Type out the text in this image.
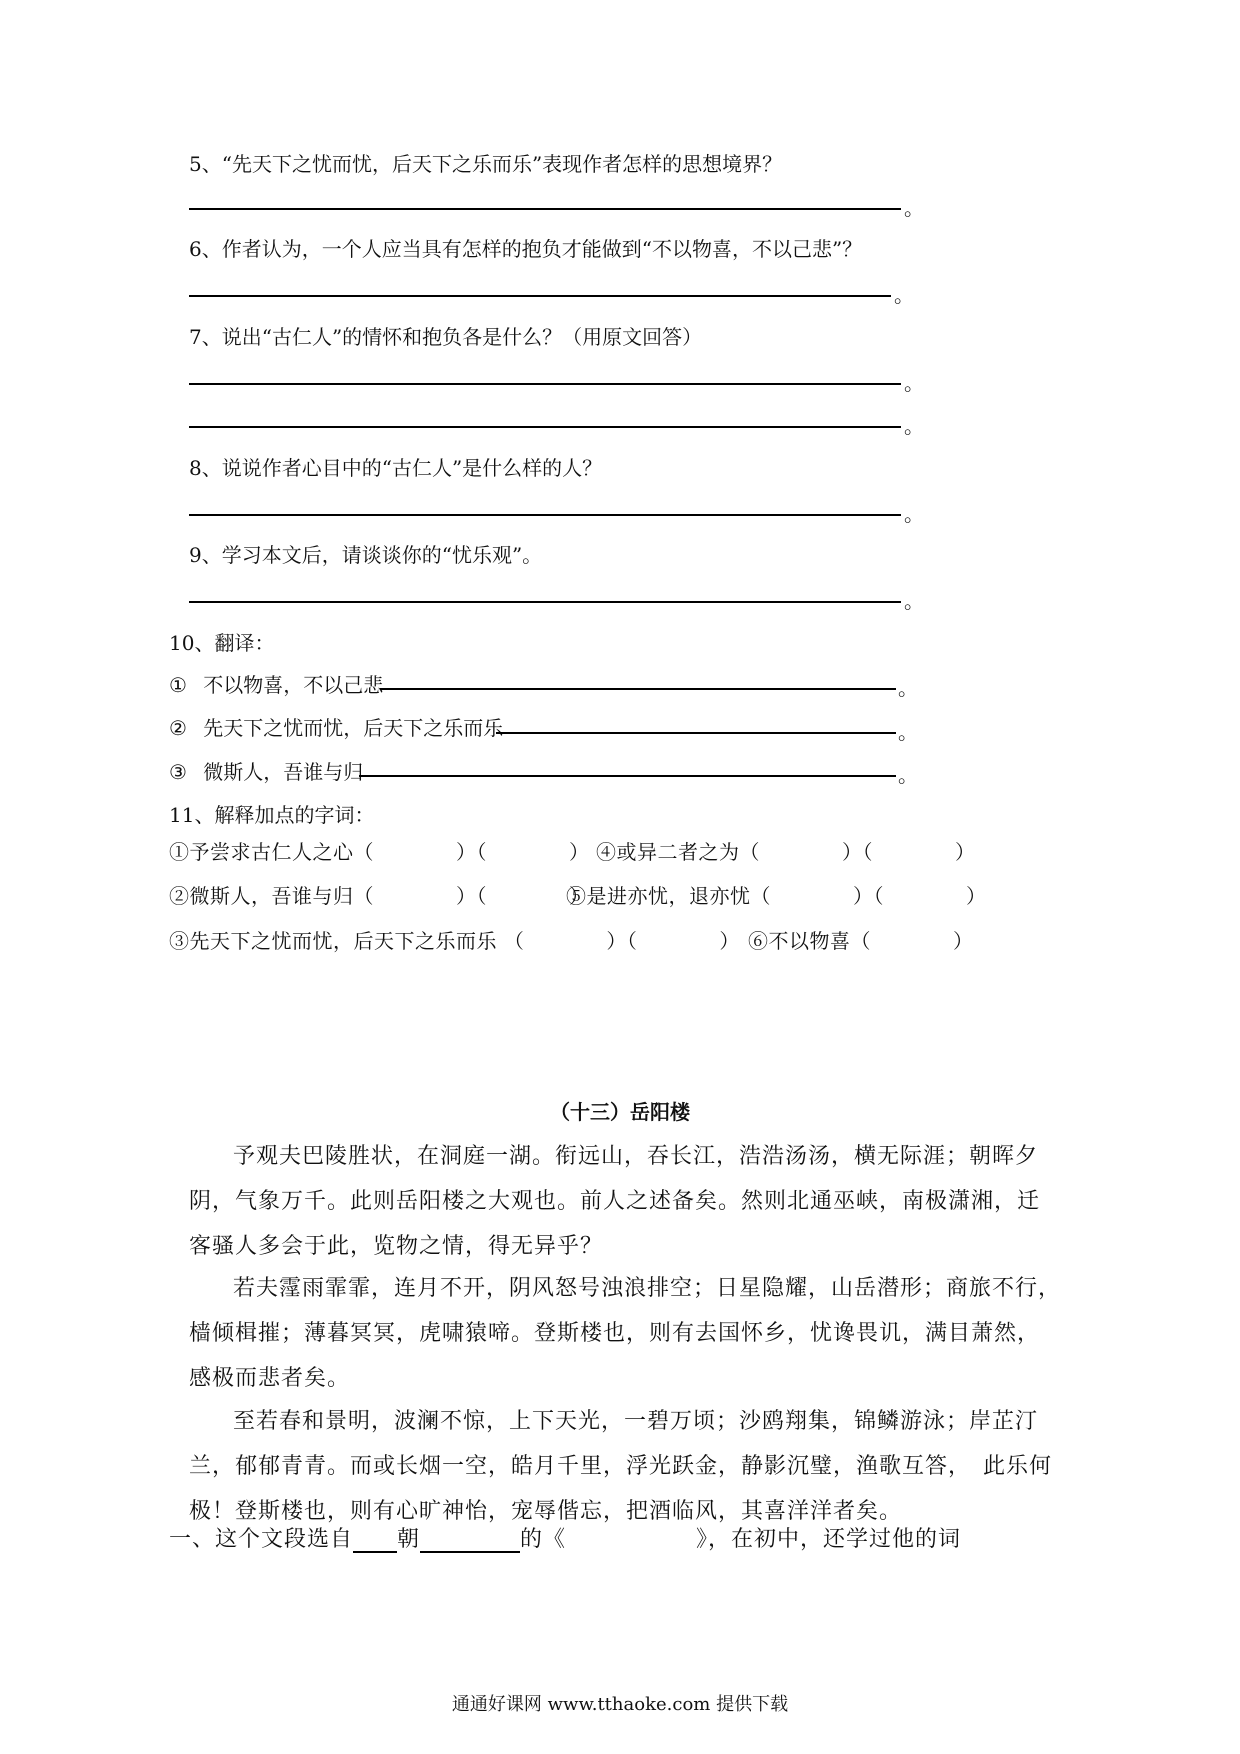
5、“先天下之忧而忧，后天下之乐而乐”表现作者怎样的思想境界？
。
6、作者认为，一个人应当具有怎样的抱负才能做到“不以物喜，不以己悲”？
。
7、说出“古仁人”的情怀和抱负各是什么？（用原文回答）
。
。
8、说说作者心目中的“古仁人”是什么样的人？
。
9、学习本文后，请谈谈你的“忧乐观”。
。
10、翻译：
① 不以物喜，不以己悲	。
② 先天下之忧而忧，后天下之乐而乐	。
③ 微斯人，吾谁与归	。
11、解释加点的字词：
①予尝求古仁人之心（　　　　）（　　　　） ④或异二者之为（　　　　）（　　　　）
②微斯人，吾谁与归（　　　　）（　　　　）
⑤是进亦忧，退亦忧（　　　　）（　　　　）
③先天下之忧而忧，后天下之乐而乐 （　　　　）（　　　　） ⑥不以物喜（　　　　）
（十三）岳阳楼
予观夫巴陵胜状，在洞庭一湖。衔远山，吞长江，浩浩汤汤，横无际涯；朝晖夕阴，气象万千。此则岳阳楼之大观也。前人之述备矣。然则北通巫峡，南极潇湘，迁客骚人多会于此，览物之情，得无异乎？
若夫霪雨霏霏，连月不开，阴风怒号浊浪排空；日星隐耀，山岳潜形；商旅不行，樯倾楫摧；薄暮冥冥，虎啸猿啼。登斯楼也，则有去国怀乡，忧谗畏讥，满目萧然，感极而悲者矣。
至若春和景明，波澜不惊，上下天光，一碧万顷；沙鸥翔集，锦鳞游泳；岸芷汀兰，郁郁青青。而或长烟一空，皓月千里，浮光跃金，静影沉璧，渔歌互答，　此乐何极！登斯楼也，则有心旷神怡，宠辱偕忘，把酒临风，其喜洋洋者矣。
一、这个文段选自 朝	的《	》，在初中，还学过他的词
通通好课网 www.tthaoke.com 提供下载
